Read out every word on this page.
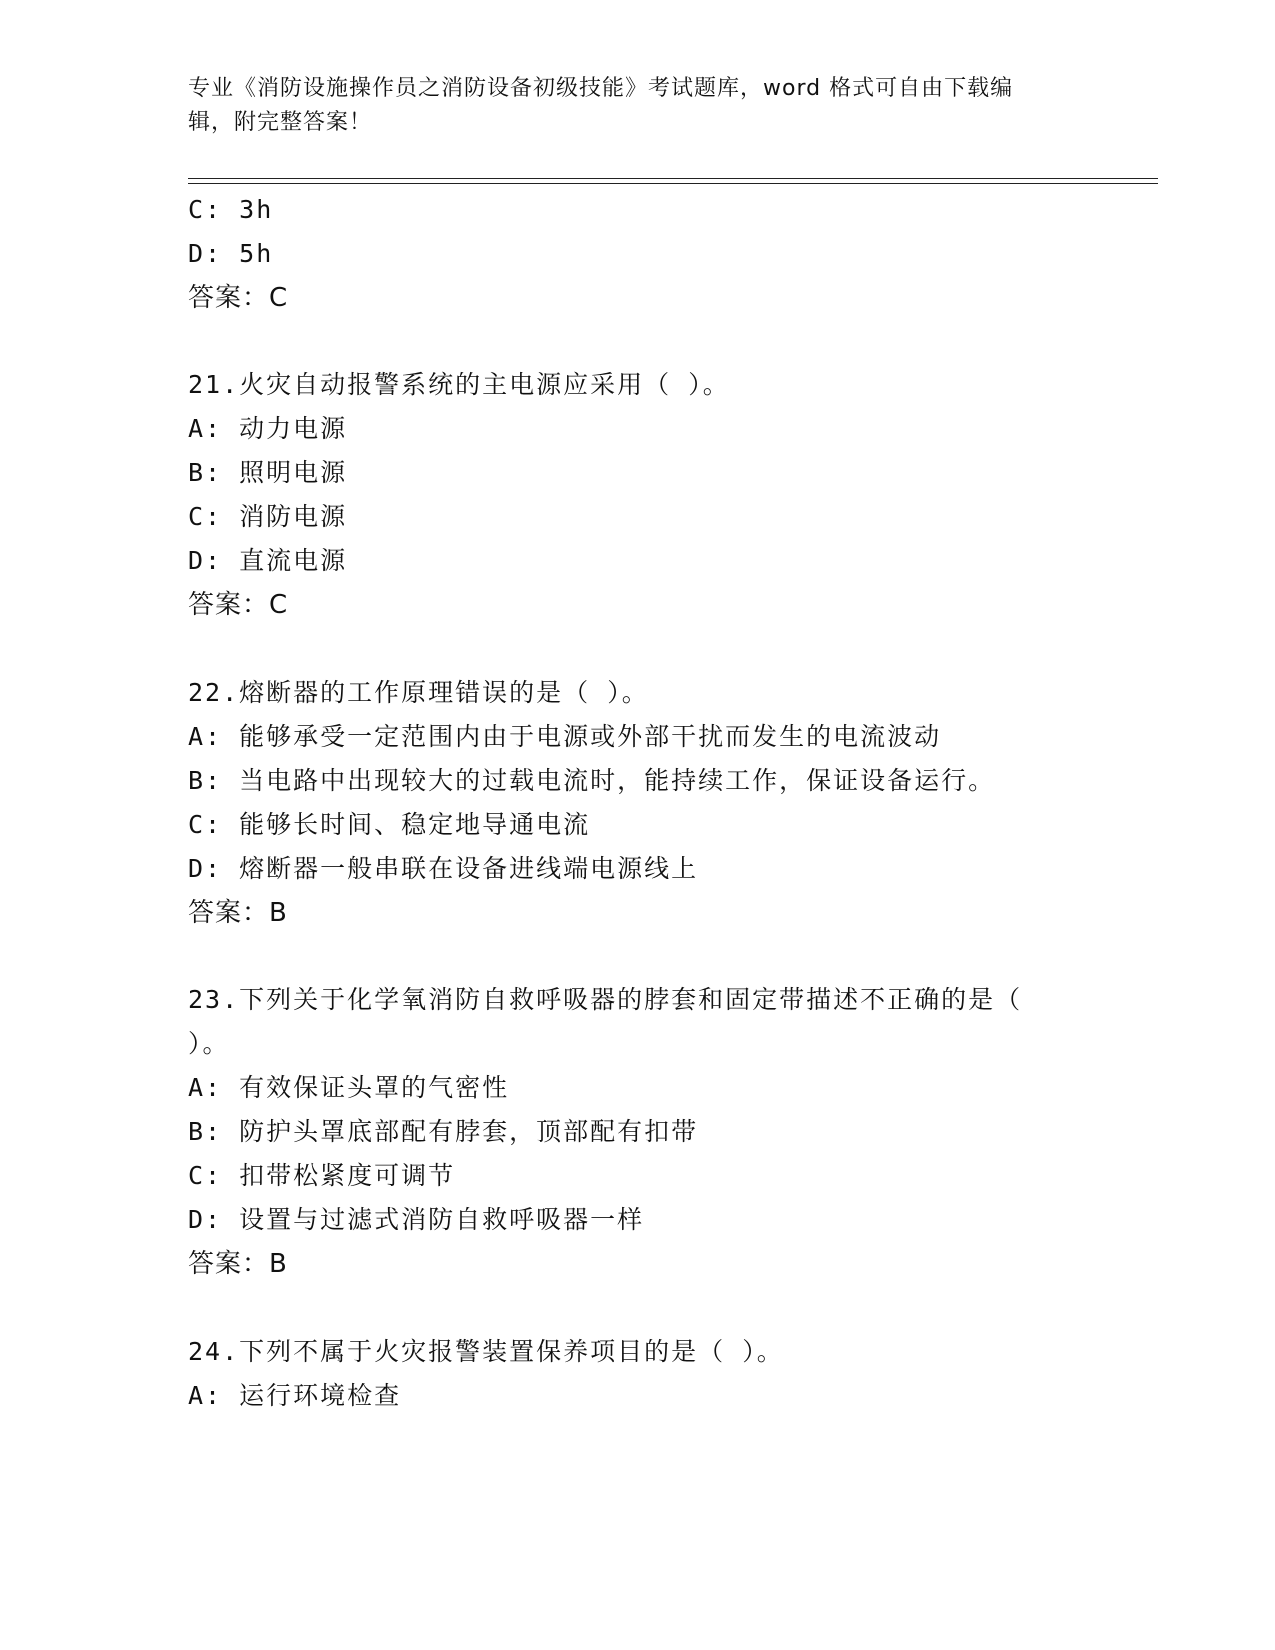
专业《消防设施操作员之消防设备初级技能》考试题库，word 格式可自由下载编
辑，附完整答案！
C: 3h
D: 5h
答案：C
21.火灾自动报警系统的主电源应采用（ ）。
A: 动力电源
B: 照明电源
C: 消防电源
D: 直流电源
答案：C
22.熔断器的工作原理错误的是（ ）。
A: 能够承受一定范围内由于电源或外部干扰而发生的电流波动
B: 当电路中出现较大的过载电流时，能持续工作，保证设备运行。
C: 能够长时间、稳定地导通电流
D: 熔断器一般串联在设备进线端电源线上
答案：B
23.下列关于化学氧消防自救呼吸器的脖套和固定带描述不正确的是（
）。
A: 有效保证头罩的气密性
B: 防护头罩底部配有脖套，顶部配有扣带
C: 扣带松紧度可调节
D: 设置与过滤式消防自救呼吸器一样
答案：B
24.下列不属于火灾报警装置保养项目的是（ ）。
A: 运行环境检查
